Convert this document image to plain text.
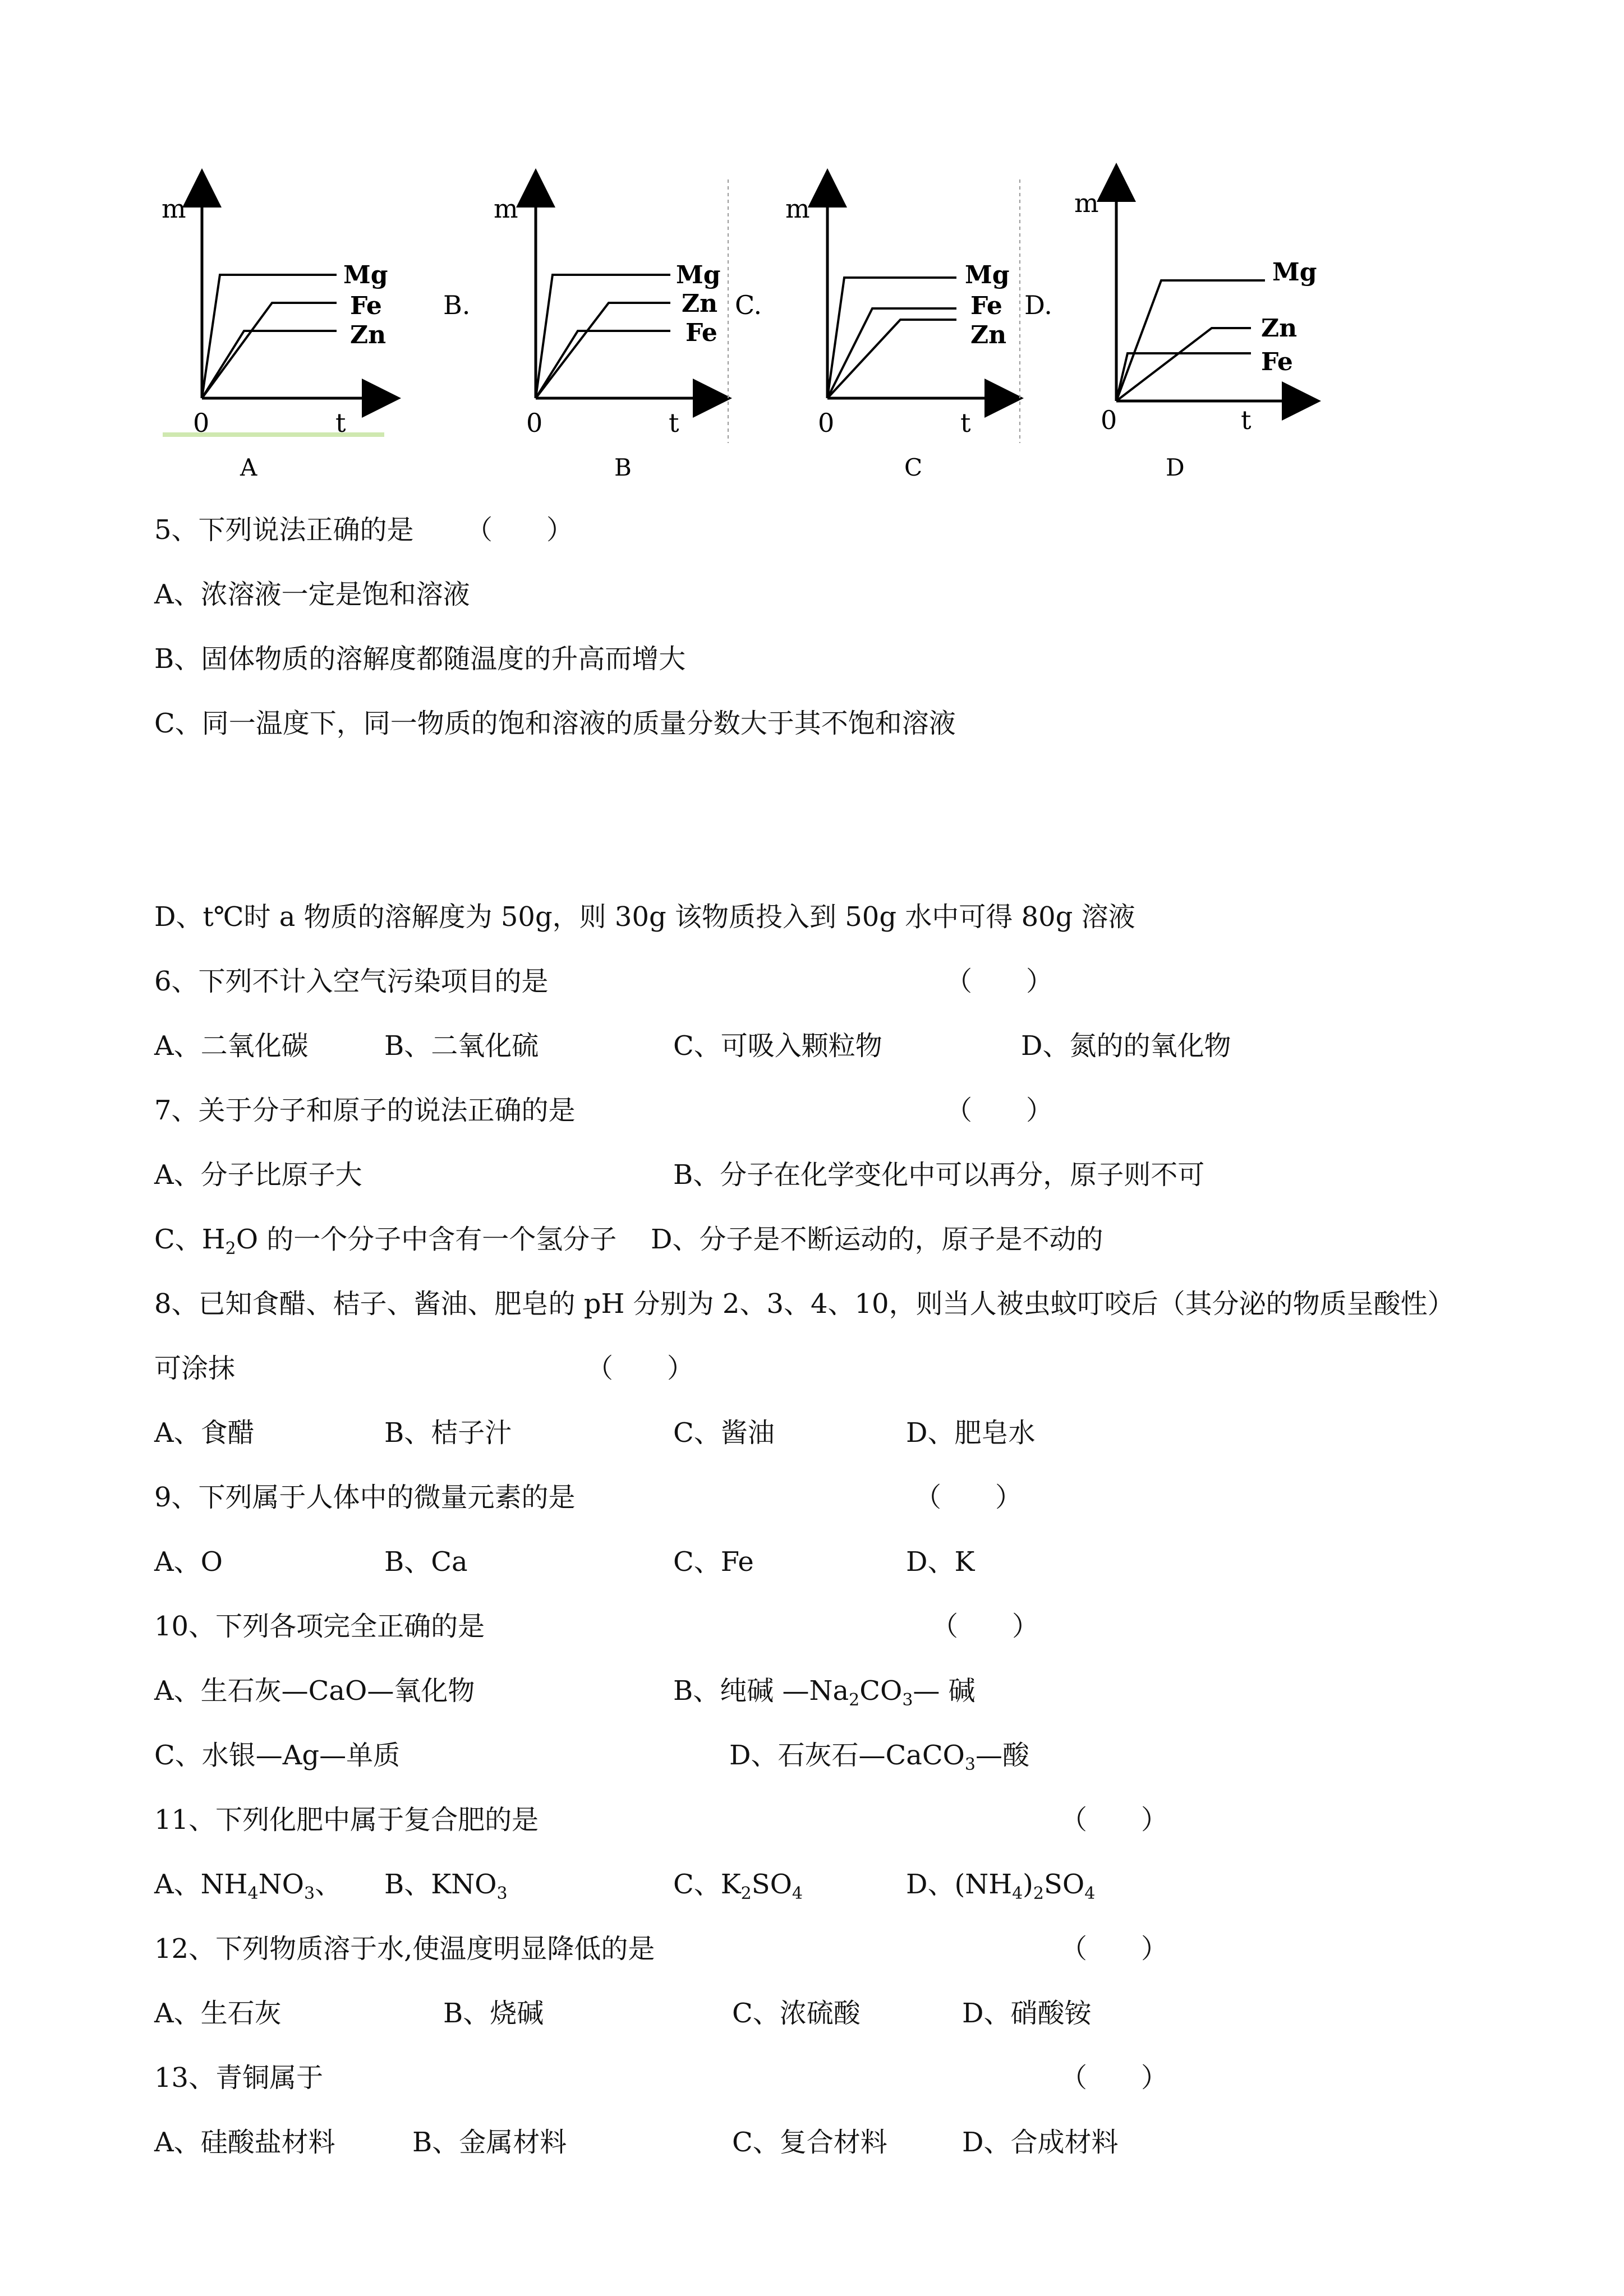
m
t
0
Mg
Fe
Zn
A
B.
m
t
0
Mg
Zn
Fe
B
C.
m
t
0
Mg
Fe
Zn
C
D.
m
t
0
Mg
Zn
Fe
D
5、下列说法正确的是 （　　）
A、浓溶液一定是饱和溶液
B、固体物质的溶解度都随温度的升高而增大
C、同一温度下，同一物质的饱和溶液的质量分数大于其不饱和溶液
D、t℃时 a 物质的溶解度为 50g，则 30g 该物质投入到 50g 水中可得 80g 溶液
6、下列不计入空气污染项目的是	（　　）
A、二氧化碳	B、二氧化硫	C、可吸入颗粒物	D、氮的的氧化物
7、关于分子和原子的说法正确的是	（　　）
A、分子比原子大	B、分子在化学变化中可以再分，原子则不可
C、$H_2O$ 的一个分子中含有一个氢分子 D、分子是不断运动的，原子是不动的
8、已知食醋、桔子、酱油、肥皂的 pH 分别为 2、3、4、10，则当人被虫蚊叮咬后（其分泌的物质呈酸性）
可涂抹	（　　）
A、食醋	B、桔子汁	C、酱油	D、肥皂水
9、下列属于人体中的微量元素的是	（　　）
A、O	B、Ca	C、Fe	D、K
10、下列各项完全正确的是	（　　）
A、生石灰—CaO—氧化物	B、纯碱 $—Na_2CO_3—$ 碱
C、水银—Ag—单质	D、石灰石—CaCO$_3$—酸
11、下列化肥中属于复合肥的是	（　　）
A、$NH_4NO_3$、 B、$KNO_3$	C、$K_2SO_4$	D、$(NH_4)_2SO_4$
12、下列物质溶于水,使温度明显降低的是	（　　）
A、生石灰	B、烧碱	C、浓硫酸	D、硝酸铵
13、青铜属于	（　　）
A、硅酸盐材料	B、金属材料	C、复合材料	D、合成材料
